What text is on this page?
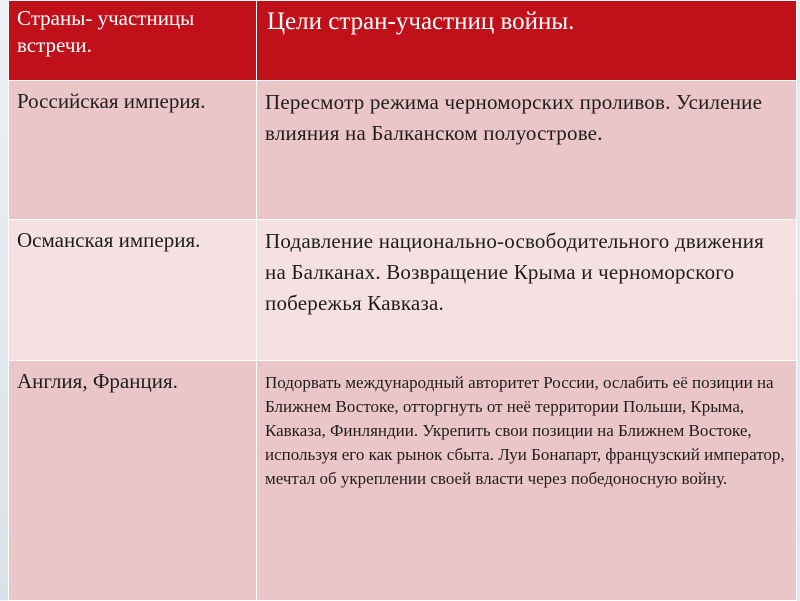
Страны- участницы встречи.	Цели стран-участниц войны.
Российская империя.	Пересмотр режима черноморских проливов. Усиление влияния на Балканском полуострове.
Османская империя.	Подавление национально-освободительного движения на Балканах. Возвращение Крыма и черноморского побережья Кавказа.
Англия, Франция.	Подорвать международный авторитет России, ослабить её позиции на Ближнем Востоке, отторгнуть от неё территории Польши, Крыма, Кавказа, Финляндии. Укрепить свои позиции на Ближнем Востоке, используя его как рынок сбыта. Луи Бонапарт, французский император, мечтал об укреплении своей власти через победоносную войну.
